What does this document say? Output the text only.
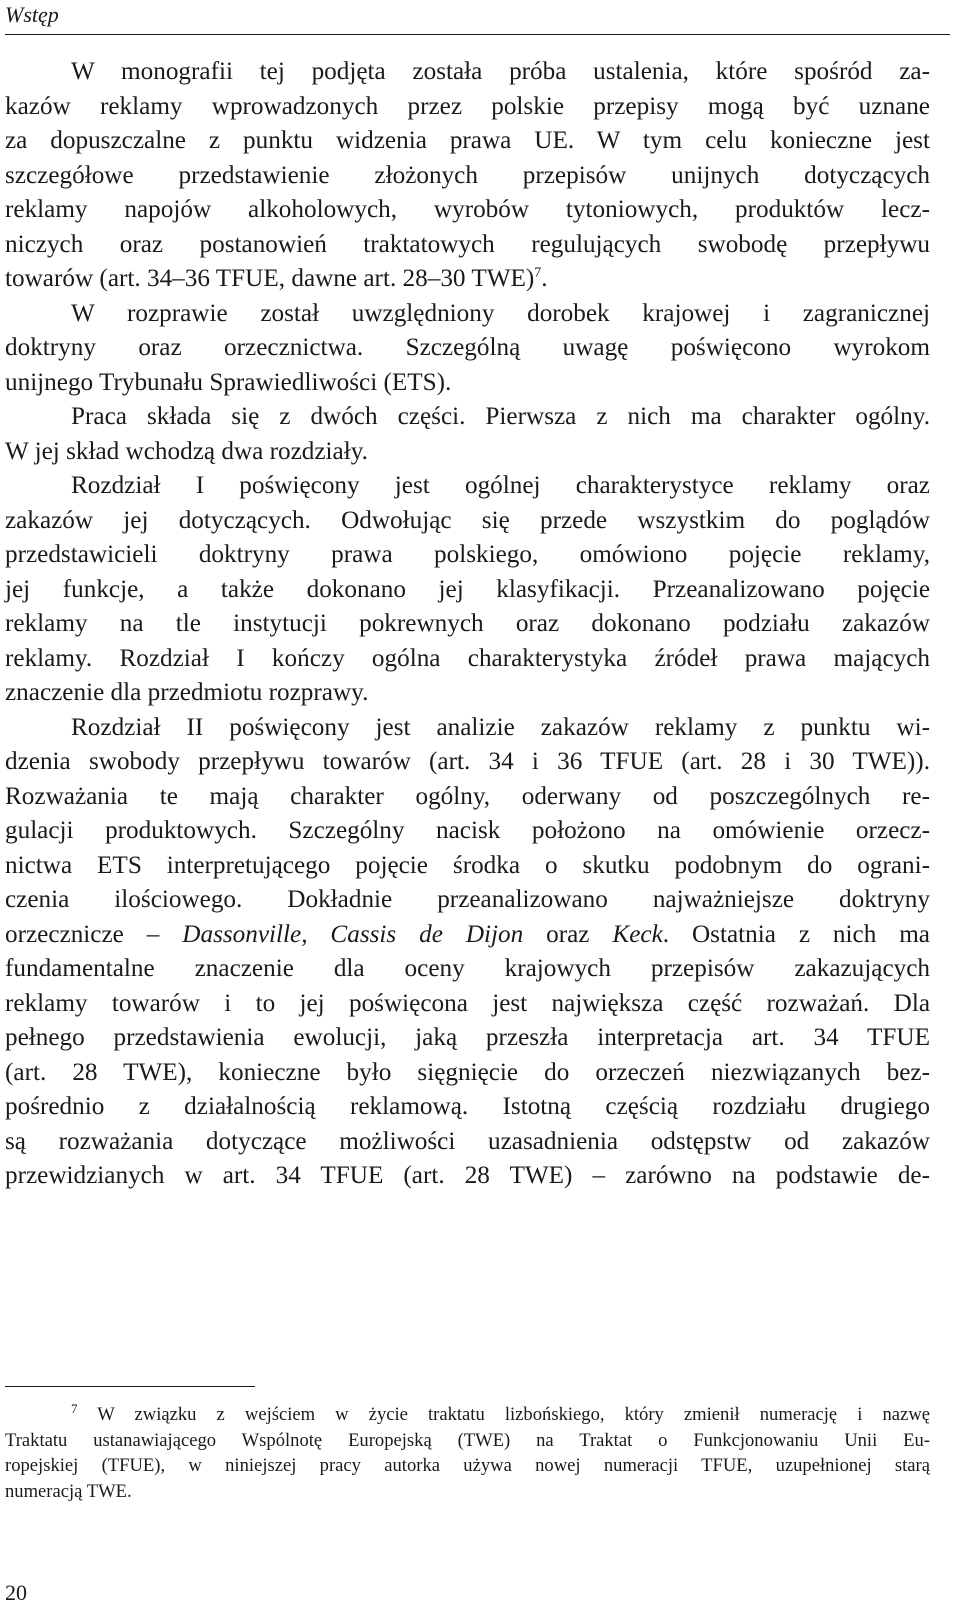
Wstęp
W monografii tej podjęta została próba ustalenia, które spośród za-
kazów reklamy wprowadzonych przez polskie przepisy mogą być uznane
za dopuszczalne z punktu widzenia prawa UE. W tym celu konieczne jest
szczegółowe przedstawienie złożonych przepisów unijnych dotyczących
reklamy napojów alkoholowych, wyrobów tytoniowych, produktów lecz-
niczych oraz postanowień traktatowych regulujących swobodę przepływu
towarów (art. 34–36 TFUE, dawne art. 28–30 TWE)$^7$.
W rozprawie został uwzględniony dorobek krajowej i zagranicznej
doktryny oraz orzecznictwa. Szczególną uwagę poświęcono wyrokom
unijnego Trybunału Sprawiedliwości (ETS).
Praca składa się z dwóch części. Pierwsza z nich ma charakter ogólny.
W jej skład wchodzą dwa rozdziały.
Rozdział I poświęcony jest ogólnej charakterystyce reklamy oraz
zakazów jej dotyczących. Odwołując się przede wszystkim do poglądów
przedstawicieli doktryny prawa polskiego, omówiono pojęcie reklamy,
jej funkcje, a także dokonano jej klasyfikacji. Przeanalizowano pojęcie
reklamy na tle instytucji pokrewnych oraz dokonano podziału zakazów
reklamy. Rozdział I kończy ogólna charakterystyka źródeł prawa mających
znaczenie dla przedmiotu rozprawy.
Rozdział II poświęcony jest analizie zakazów reklamy z punktu wi-
dzenia swobody przepływu towarów (art. 34 i 36 TFUE (art. 28 i 30 TWE)).
Rozważania te mają charakter ogólny, oderwany od poszczególnych re-
gulacji produktowych. Szczególny nacisk położono na omówienie orzecz-
nictwa ETS interpretującego pojęcie środka o skutku podobnym do ograni-
czenia ilościowego. Dokładnie przeanalizowano najważniejsze doktryny
orzecznicze – Dassonville, Cassis de Dijon oraz Keck. Ostatnia z nich ma
fundamentalne znaczenie dla oceny krajowych przepisów zakazujących
reklamy towarów i to jej poświęcona jest największa część rozważań. Dla
pełnego przedstawienia ewolucji, jaką przeszła interpretacja art. 34 TFUE
(art. 28 TWE), konieczne było sięgnięcie do orzeczeń niezwiązanych bez-
pośrednio z działalnością reklamową. Istotną częścią rozdziału drugiego
są rozważania dotyczące możliwości uzasadnienia odstępstw od zakazów
przewidzianych w art. 34 TFUE (art. 28 TWE) – zarówno na podstawie de-
$^7$ W związku z wejściem w życie traktatu lizbońskiego, który zmienił numerację i nazwę
Traktatu ustanawiającego Wspólnotę Europejską (TWE) na Traktat o Funkcjonowaniu Unii Eu-
ropejskiej (TFUE), w niniejszej pracy autorka używa nowej numeracji TFUE, uzupełnionej starą
numeracją TWE.
20
